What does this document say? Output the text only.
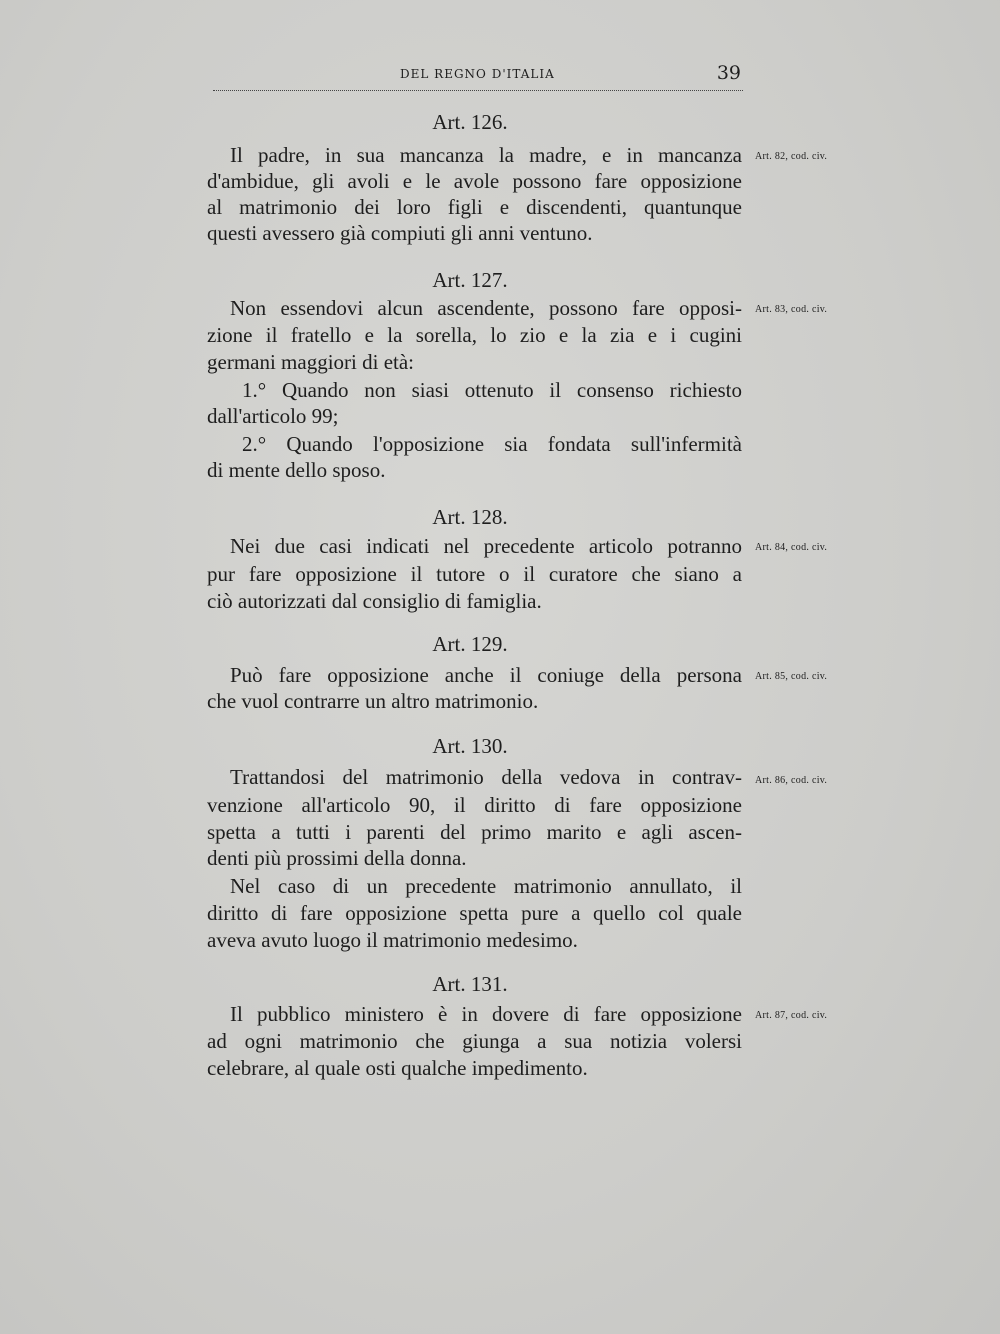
DEL REGNO D'ITALIA	39
Art. 126.
Art. 82, cod. civ.
Il padre, in sua mancanza la madre, e in mancanza
d'ambidue, gli avoli e le avole possono fare opposizione
al matrimonio dei loro figli e discendenti, quantunque
questi avessero già compiuti gli anni ventuno.
Art. 127.
Art. 83, cod. civ.
Non essendovi alcun ascendente, possono fare opposi-
zione il fratello e la sorella, lo zio e la zia e i cugini
germani maggiori di età:
1.° Quando non siasi ottenuto il consenso richiesto
dall'articolo 99;
2.° Quando l'opposizione sia fondata sull'infermità
di mente dello sposo.
Art. 128.
Art. 84, cod. civ.
Nei due casi indicati nel precedente articolo potranno
pur fare opposizione il tutore o il curatore che siano a
ciò autorizzati dal consiglio di famiglia.
Art. 129.
Art. 85, cod. civ.
Può fare opposizione anche il coniuge della persona
che vuol contrarre un altro matrimonio.
Art. 130.
Art. 86, cod. civ.
Trattandosi del matrimonio della vedova in contrav-
venzione all'articolo 90, il diritto di fare opposizione
spetta a tutti i parenti del primo marito e agli ascen-
denti più prossimi della donna.
Nel caso di un precedente matrimonio annullato, il
diritto di fare opposizione spetta pure a quello col quale
aveva avuto luogo il matrimonio medesimo.
Art. 131.
Art. 87, cod. civ.
Il pubblico ministero è in dovere di fare opposizione
ad ogni matrimonio che giunga a sua notizia volersi
celebrare, al quale osti qualche impedimento.
